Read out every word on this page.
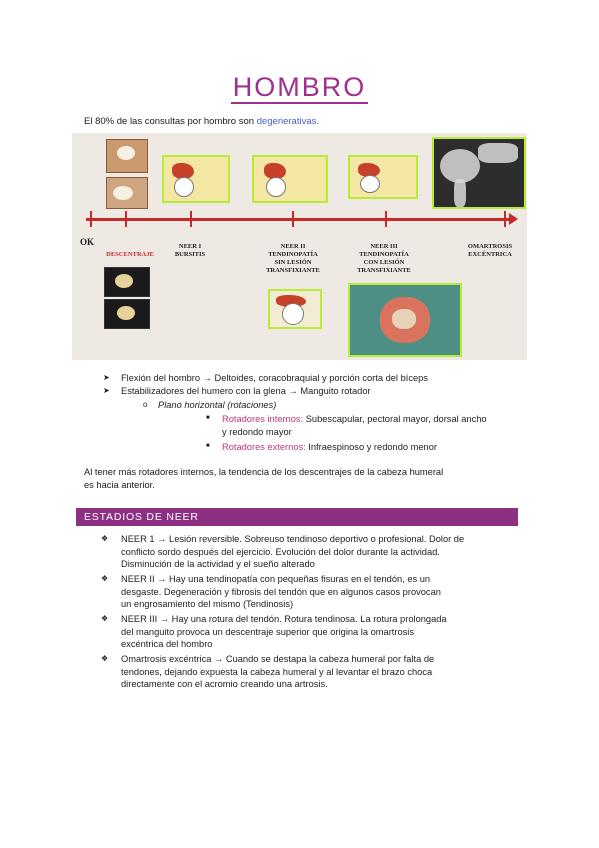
HOMBRO
El 80% de las consultas por hombro son degenerativas.
OK
DESCENTRAJE
NEER I
BURSITIS
NEER II
TENDINOPATÍA
SIN LESIÓN
TRANSFIXIANTE
NEER III
TENDINOPATÍA
CON LESIÓN
TRANSFIXIANTE
OMARTROSIS
EXCÉNTRICA
➤ Flexión del hombro → Deltoides, coracobraquial y porción corta del bíceps
➤ Estabilizadores del humero con la glena → Manguito rotador
o Plano horizontal (rotaciones)
■ Rotadores internos: Subescapular, pectoral mayor, dorsal ancho
y redondo mayor
■ Rotadores externos: Infraespinoso y redondo menor
Al tener más rotadores internos, la tendencia de los descentrajes de la cabeza humeral
es hacia anterior.
ESTADIOS DE NEER
❖ NEER 1 → Lesión reversible. Sobreuso tendinoso deportivo o profesional. Dolor de
conflicto sordo después del ejercicio. Evolución del dolor durante la actividad.
Disminución de la actividad y el sueño alterado
❖ NEER II → Hay una tendinopatía con pequeñas fisuras en el tendón, es un
desgaste. Degeneración y fibrosis del tendón que en algunos casos provocan
un engrosamiento del mismo (Tendinosis)
❖ NEER III → Hay una rotura del tendón. Rotura tendinosa. La rotura prolongada
del manguito provoca un descentraje superior que origina la omartrosis
excéntrica del hombro
❖ Omartrosis excéntrica → Cuando se destapa la cabeza humeral por falta de
tendones, dejando expuesta la cabeza humeral y al levantar el brazo choca
directamente con el acromio creando una artrosis.
